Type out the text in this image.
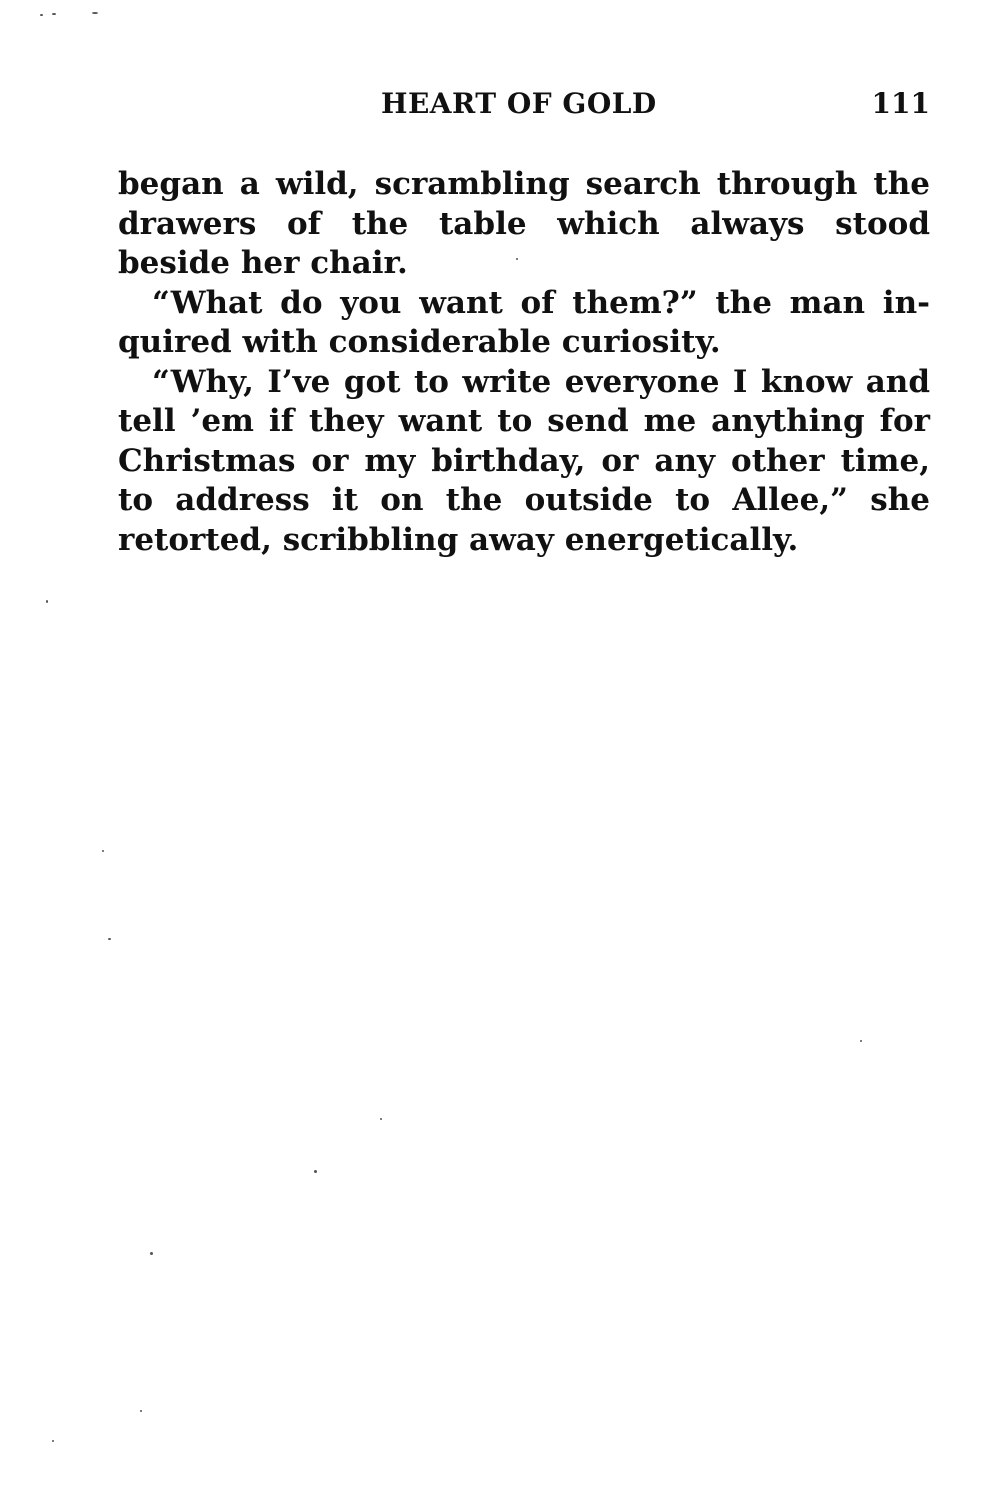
HEART OF GOLD	111

began a wild, scrambling search through the drawers of the table which always stood beside her chair.

“What do you want of them?” the man inquired with considerable curiosity.

“Why, I’ve got to write everyone I know and tell ’em if they want to send me anything for Christmas or my birthday, or any other time, to address it on the outside to Allee,” she retorted, scribbling away energetically.
